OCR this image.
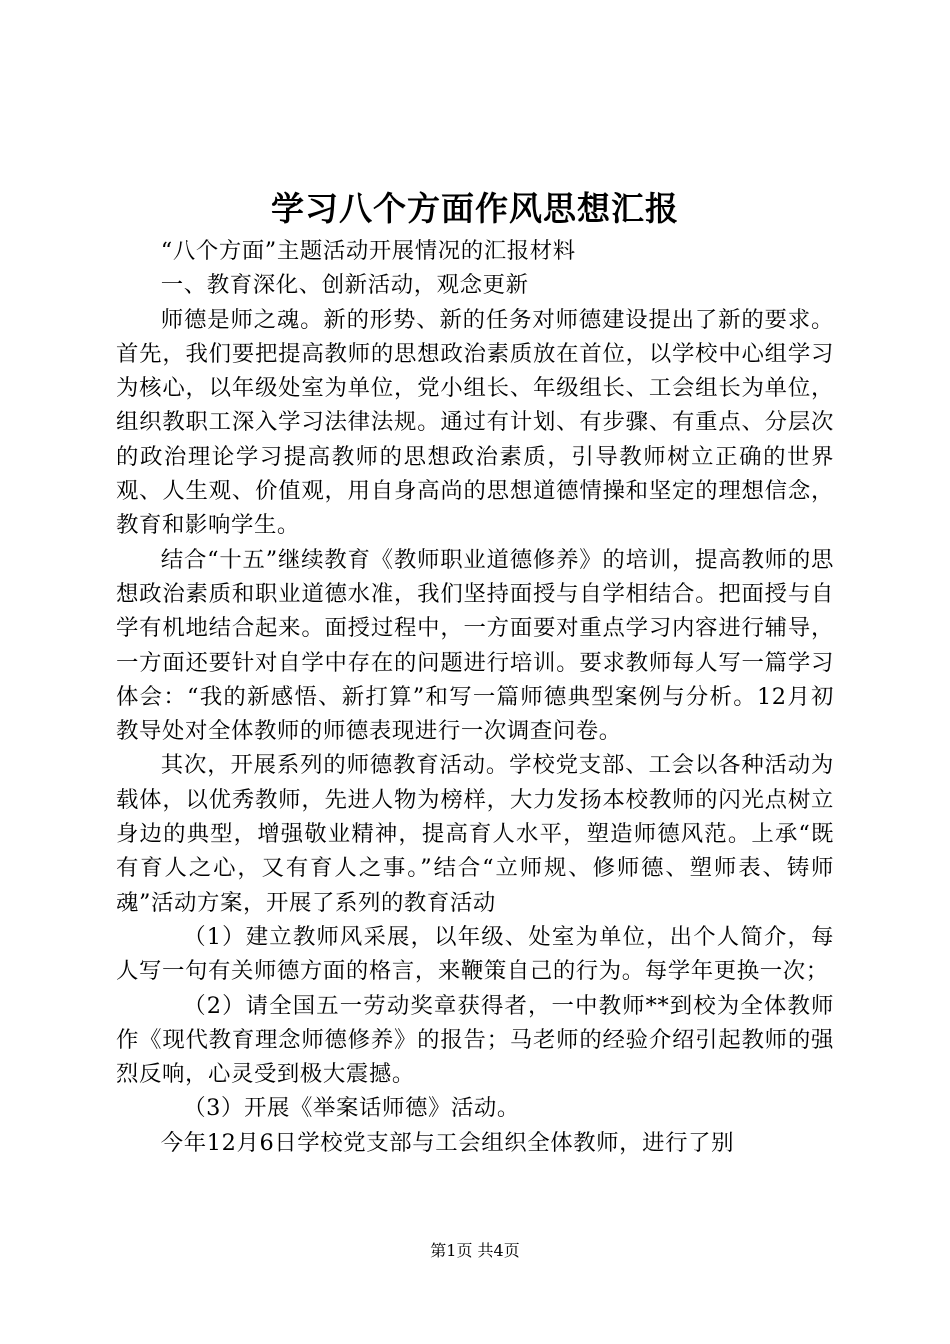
学习八个方面作风思想汇报

“八个方面”主题活动开展情况的汇报材料

一、教育深化、创新活动，观念更新

师德是师之魂。新的形势、新的任务对师德建设提出了新的要求。首先，我们要把提高教师的思想政治素质放在首位，以学校中心组学习为核心，以年级处室为单位，党小组长、年级组长、工会组长为单位，组织教职工深入学习法律法规。通过有计划、有步骤、有重点、分层次的政治理论学习提高教师的思想政治素质，引导教师树立正确的世界观、人生观、价值观，用自身高尚的思想道德情操和坚定的理想信念，教育和影响学生。

结合“十五”继续教育《教师职业道德修养》的培训，提高教师的思想政治素质和职业道德水准，我们坚持面授与自学相结合。把面授与自学有机地结合起来。面授过程中，一方面要对重点学习内容进行辅导，一方面还要针对自学中存在的问题进行培训。要求教师每人写一篇学习体会：“我的新感悟、新打算”和写一篇师德典型案例与分析。12月初教导处对全体教师的师德表现进行一次调查问卷。

其次，开展系列的师德教育活动。学校党支部、工会以各种活动为载体，以优秀教师，先进人物为榜样，大力发扬本校教师的闪光点树立身边的典型，增强敬业精神，提高育人水平，塑造师德风范。上承“既有育人之心，又有育人之事。”结合“立师规、修师德、塑师表、铸师魂”活动方案，开展了系列的教育活动

（1）建立教师风采展，以年级、处室为单位，出个人简介，每人写一句有关师德方面的格言，来鞭策自己的行为。每学年更换一次；

（2）请全国五一劳动奖章获得者，一中教师**到校为全体教师作《现代教育理念师德修养》的报告；马老师的经验介绍引起教师的强烈反响，心灵受到极大震撼。

（3）开展《举案话师德》活动。

今年12月6日学校党支部与工会组织全体教师，进行了别

第1页 共4页
